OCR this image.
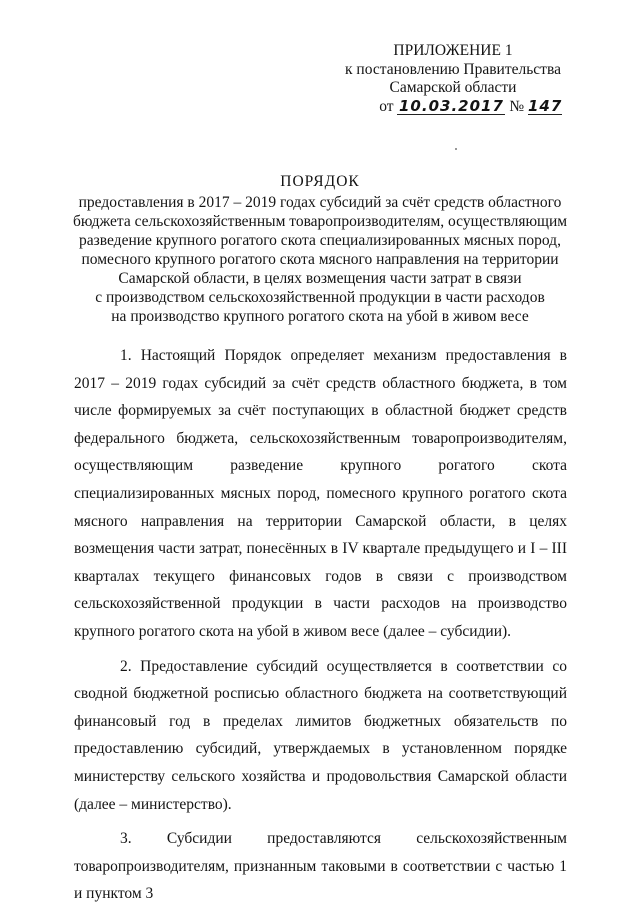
ПРИЛОЖЕНИЕ 1
к постановлению Правительства
Самарской области
от 10.03.2017 № 147
ПОРЯДОК
предоставления в 2017 – 2019 годах субсидий за счёт средств областного
бюджета сельскохозяйственным товаропроизводителям, осуществляющим
разведение крупного рогатого скота специализированных мясных пород,
помесного крупного рогатого скота мясного направления на территории
Самарской области, в целях возмещения части затрат в связи
с производством сельскохозяйственной продукции в части расходов
на производство крупного рогатого скота на убой в живом весе

1. Настоящий Порядок определяет механизм предоставления в 2017 – 2019 годах субсидий за счёт средств областного бюджета, в том числе формируемых за счёт поступающих в областной бюджет средств федерального бюджета, сельскохозяйственным товаропроизводителям, осуществляющим разведение крупного рогатого скота специализированных мясных пород, помесного крупного рогатого скота мясного направления на территории Самарской области, в целях возмещения части затрат, понесённых в IV квартале предыдущего и I – III кварталах текущего финансовых годов в связи с производством сельскохозяйственной продукции в части расходов на производство крупного рогатого скота на убой в живом весе (далее – субсидии).

2. Предоставление субсидий осуществляется в соответствии со сводной бюджетной росписью областного бюджета на соответствующий финансовый год в пределах лимитов бюджетных обязательств по предоставлению субсидий, утверждаемых в установленном порядке министерству сельского хозяйства и продовольствия Самарской области (далее – министерство).

3. Субсидии предоставляются сельскохозяйственным товаропроизводителям, признанным таковыми в соответствии с частью 1 и пунктом 3
